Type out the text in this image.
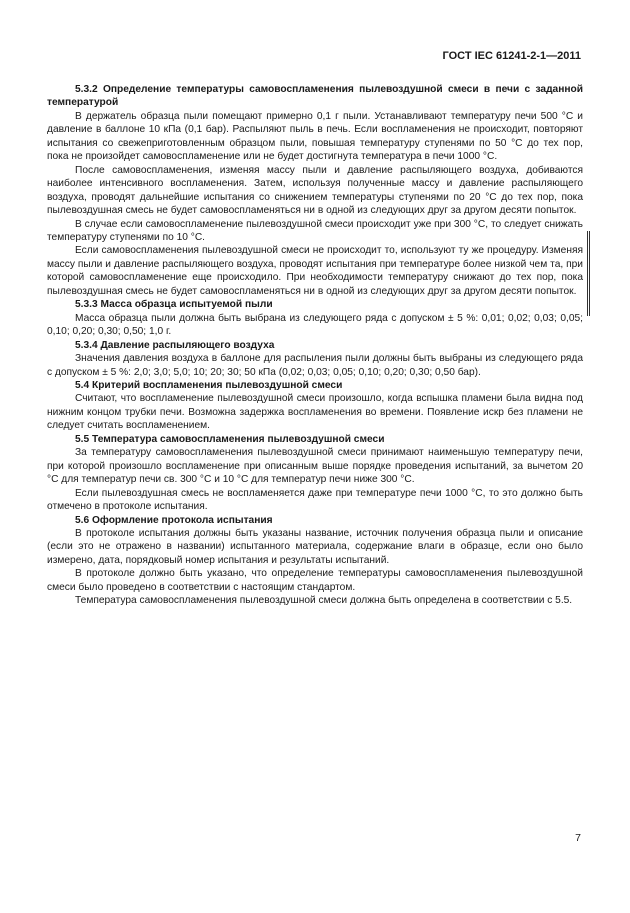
ГОСТ IEC 61241-2-1—2011

5.3.2 Определение температуры самовоспламенения пылевоздушной смеси в печи с заданной температурой

В держатель образца пыли помещают примерно 0,1 г пыли. Устанавливают температуру печи 500 °С и давление в баллоне 10 кПа (0,1 бар). Распыляют пыль в печь. Если воспламенения не происходит, повторяют испытания со свежеприготовленным образцом пыли, повышая температуру ступенями по 50 °С до тех пор, пока не произойдет самовоспламенение или не будет достигнута температура в печи 1000 °С.

После самовоспламенения, изменяя массу пыли и давление распыляющего воздуха, добиваются наиболее интенсивного воспламенения. Затем, используя полученные массу и давление распыляющего воздуха, проводят дальнейшие испытания со снижением температуры ступенями по 20 °С до тех пор, пока пылевоздушная смесь не будет самовоспламеняться ни в одной из следующих друг за другом десяти попыток.

В случае если самовоспламенение пылевоздушной смеси происходит уже при 300 °С, то следует снижать температуру ступенями по 10 °С.

Если самовоспламенения пылевоздушной смеси не происходит то, используют ту же процедуру. Изменяя массу пыли и давление распыляющего воздуха, проводят испытания при температуре более низкой чем та, при которой самовоспламенение еще происходило. При необходимости температуру снижают до тех пор, пока пылевоздушная смесь не будет самовоспламеняться ни в одной из следующих друг за другом десяти попыток.

5.3.3 Масса образца испытуемой пыли

Масса образца пыли должна быть выбрана из следующего ряда с допуском ± 5 %: 0,01; 0,02; 0,03; 0,05; 0,10; 0,20; 0,30; 0,50; 1,0 г.

5.3.4 Давление распыляющего воздуха

Значения давления воздуха в баллоне для распыления пыли должны быть выбраны из следующего ряда с допуском ± 5 %: 2,0; 3,0; 5,0; 10; 20; 30; 50 кПа (0,02; 0,03; 0,05; 0,10; 0,20; 0,30; 0,50 бар).

5.4 Критерий воспламенения пылевоздушной смеси

Считают, что воспламенение пылевоздушной смеси произошло, когда вспышка пламени была видна под нижним концом трубки печи. Возможна задержка воспламенения во времени. Появление искр без пламени не следует считать воспламенением.

5.5 Температура самовоспламенения пылевоздушной смеси

За температуру самовоспламенения пылевоздушной смеси принимают наименьшую температуру печи, при которой произошло воспламенение при описанным выше порядке проведения испытаний, за вычетом 20 °С для температур печи св. 300 °С и 10 °С для температур печи ниже 300 °С.

Если пылевоздушная смесь не воспламеняется даже при температуре печи 1000 °С, то это должно быть отмечено в протоколе испытания.

5.6 Оформление протокола испытания

В протоколе испытания должны быть указаны название, источник получения образца пыли и описание (если это не отражено в названии) испытанного материала, содержание влаги в образце, если оно было измерено, дата, порядковый номер испытания и результаты испытаний.

В протоколе должно быть указано, что определение температуры самовоспламенения пылевоздушной смеси было проведено в соответствии с настоящим стандартом.

Температура самовоспламенения пылевоздушной смеси должна быть определена в соответствии с 5.5.

7
